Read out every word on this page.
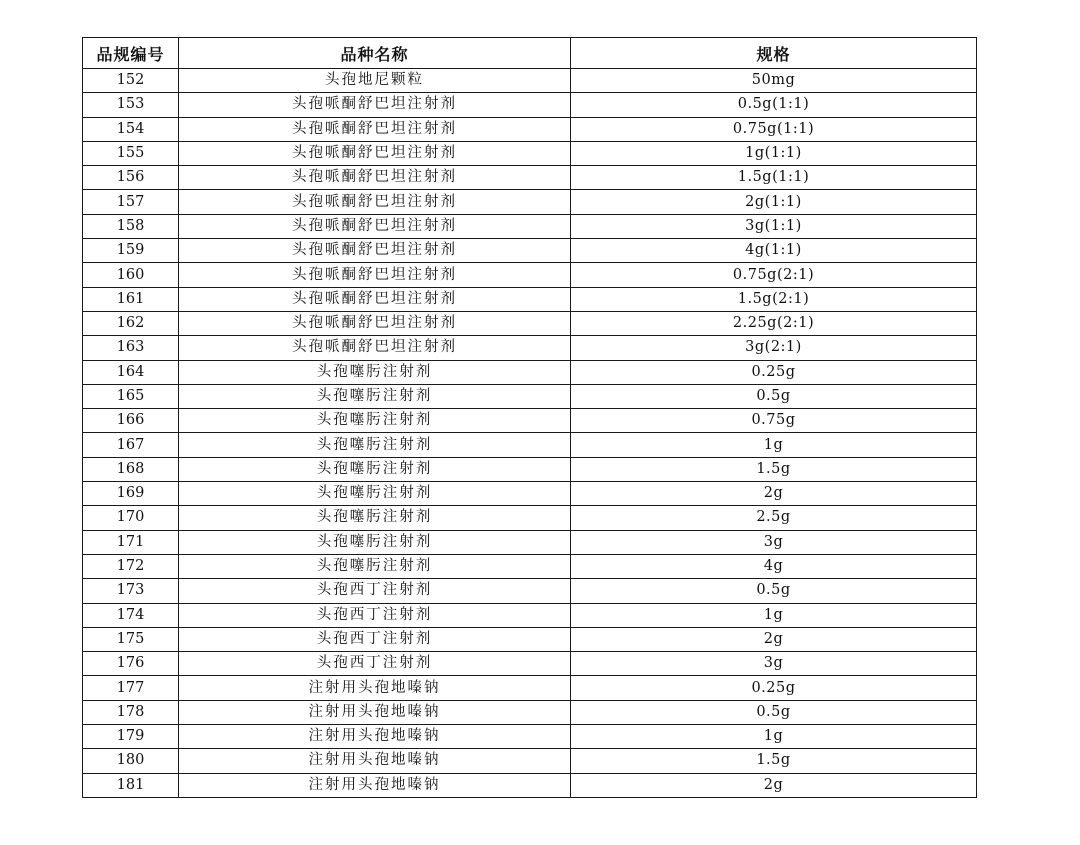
品规编号	品种名称	规格
152	头孢地尼颗粒	50mg
153	头孢哌酮舒巴坦注射剂	0.5g(1:1)
154	头孢哌酮舒巴坦注射剂	0.75g(1:1)
155	头孢哌酮舒巴坦注射剂	1g(1:1)
156	头孢哌酮舒巴坦注射剂	1.5g(1:1)
157	头孢哌酮舒巴坦注射剂	2g(1:1)
158	头孢哌酮舒巴坦注射剂	3g(1:1)
159	头孢哌酮舒巴坦注射剂	4g(1:1)
160	头孢哌酮舒巴坦注射剂	0.75g(2:1)
161	头孢哌酮舒巴坦注射剂	1.5g(2:1)
162	头孢哌酮舒巴坦注射剂	2.25g(2:1)
163	头孢哌酮舒巴坦注射剂	3g(2:1)
164	头孢噻肟注射剂	0.25g
165	头孢噻肟注射剂	0.5g
166	头孢噻肟注射剂	0.75g
167	头孢噻肟注射剂	1g
168	头孢噻肟注射剂	1.5g
169	头孢噻肟注射剂	2g
170	头孢噻肟注射剂	2.5g
171	头孢噻肟注射剂	3g
172	头孢噻肟注射剂	4g
173	头孢西丁注射剂	0.5g
174	头孢西丁注射剂	1g
175	头孢西丁注射剂	2g
176	头孢西丁注射剂	3g
177	注射用头孢地嗪钠	0.25g
178	注射用头孢地嗪钠	0.5g
179	注射用头孢地嗪钠	1g
180	注射用头孢地嗪钠	1.5g
181	注射用头孢地嗪钠	2g
